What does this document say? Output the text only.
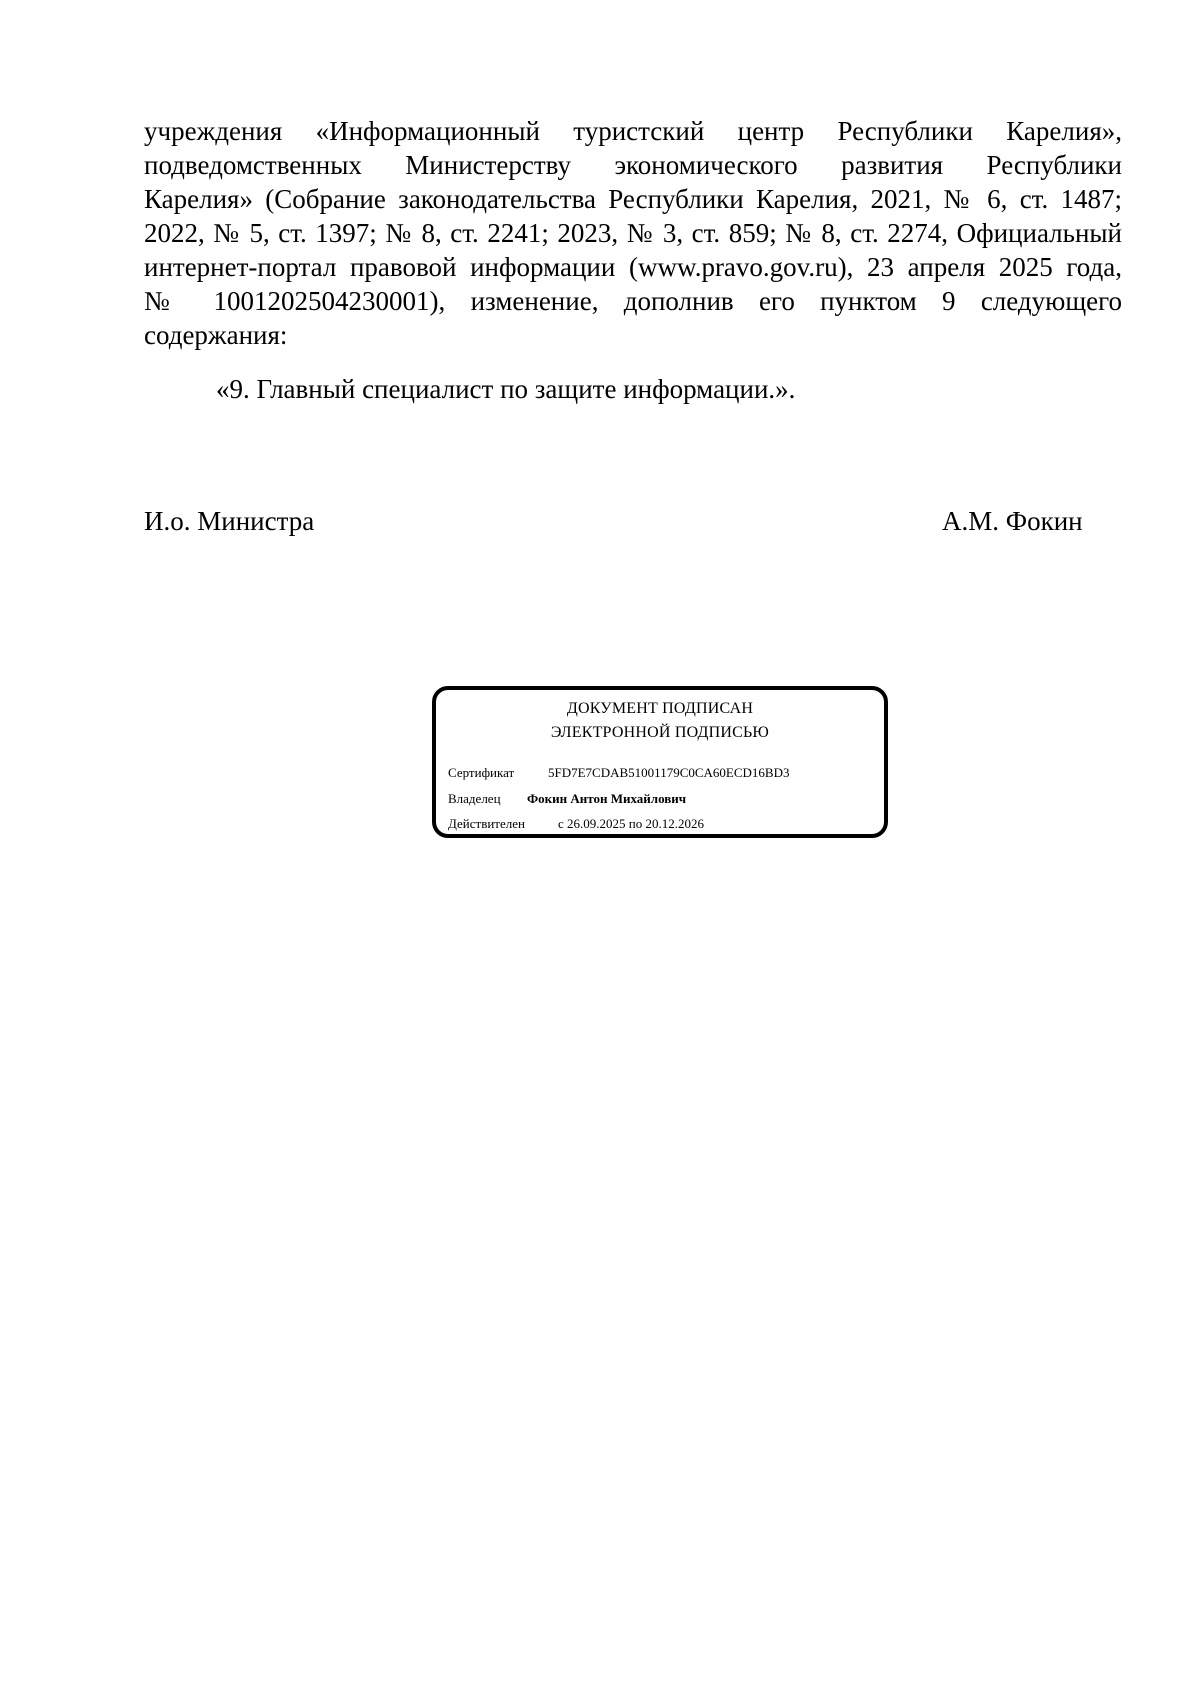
учреждения «Информационный туристский центр Республики Карелия»,
подведомственных Министерству экономического развития Республики
Карелия» (Собрание законодательства Республики Карелия, 2021, № 6, ст. 1487;
2022, № 5, ст. 1397; № 8, ст. 2241; 2023, № 3, ст. 859; № 8, ст. 2274, Официальный
интернет-портал правовой информации (www.pravo.gov.ru), 23 апреля 2025 года,
№ 1001202504230001), изменение, дополнив его пунктом 9 следующего
содержания:
«9. Главный специалист по защите информации.».
И.о. Министра	А.М. Фокин
ДОКУМЕНТ ПОДПИСАН
ЭЛЕКТРОННОЙ ПОДПИСЬЮ
Сертификат	5FD7E7CDAB51001179C0CA60ECD16BD3
Владелец Фокин Антон Михайлович
Действителен	с 26.09.2025 по 20.12.2026
